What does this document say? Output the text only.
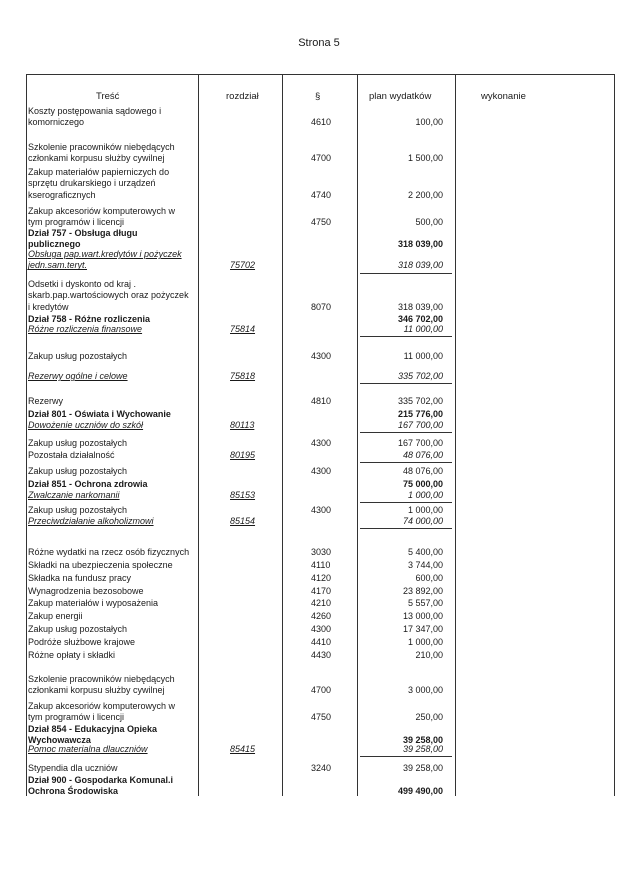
Strona 5
Treść	rozdział	§	plan wydatków	wykonanie
Koszty postępowania sądowego i
komorniczego	4610	100,00
Szkolenie pracowników niebędących
członkami korpusu służby cywilnej	4700	1 500,00
Zakup materiałów papierniczych do
sprzętu drukarskiego i urządzeń
kserograficznych	4740	2 200,00
Zakup akcesoriów komputerowych w
tym programów i licencji	4750	500,00
Dział 757 - Obsługa długu
publicznego	318 039,00
Obsługa pap.wart.kredytów i pożyczek
jedn.sam.teryt.	75702	318 039,00
Odsetki i dyskonto od kraj .
skarb.pap.wartościowych oraz pożyczek
i kredytów	8070	318 039,00
Dział 758 - Różne rozliczenia	346 702,00
Różne rozliczenia finansowe	75814	11 000,00
Zakup usług pozostałych	4300	11 000,00
Rezerwy ogólne i celowe	75818	335 702,00
Rezerwy	4810	335 702,00
Dział 801 - Oświata i Wychowanie	215 776,00
Dowożenie uczniów do szkół	80113	167 700,00
Zakup usług pozostałych	4300	167 700,00
Pozostała działalność	80195	48 076,00
Zakup usług pozostałych	4300	48 076,00
Dział 851 - Ochrona zdrowia	75 000,00
Zwalczanie narkomanii	85153	1 000,00
Zakup usług pozostałych	4300	1 000,00
Przeciwdziałanie alkoholizmowi	85154	74 000,00
Różne wydatki na rzecz osób fizycznych	3030	5 400,00
Składki na ubezpieczenia społeczne	4110	3 744,00
Składka na fundusz pracy	4120	600,00
Wynagrodzenia bezosobowe	4170	23 892,00
Zakup materiałów i wyposażenia	4210	5 557,00
Zakup energii	4260	13 000,00
Zakup usług pozostałych	4300	17 347,00
Podróże służbowe krajowe	4410	1 000,00
Różne opłaty i składki	4430	210,00
Szkolenie pracowników niebędących
członkami korpusu służby cywilnej	4700	3 000,00
Zakup akcesoriów komputerowych w
tym programów i licencji	4750	250,00
Dział 854 - Edukacyjna Opieka
Wychowawcza	39 258,00
Pomoc materialna dlauczniów	85415	39 258,00
Stypendia dla uczniów	3240	39 258,00
Dział 900 - Gospodarka Komunal.i
Ochrona Środowiska	499 490,00
